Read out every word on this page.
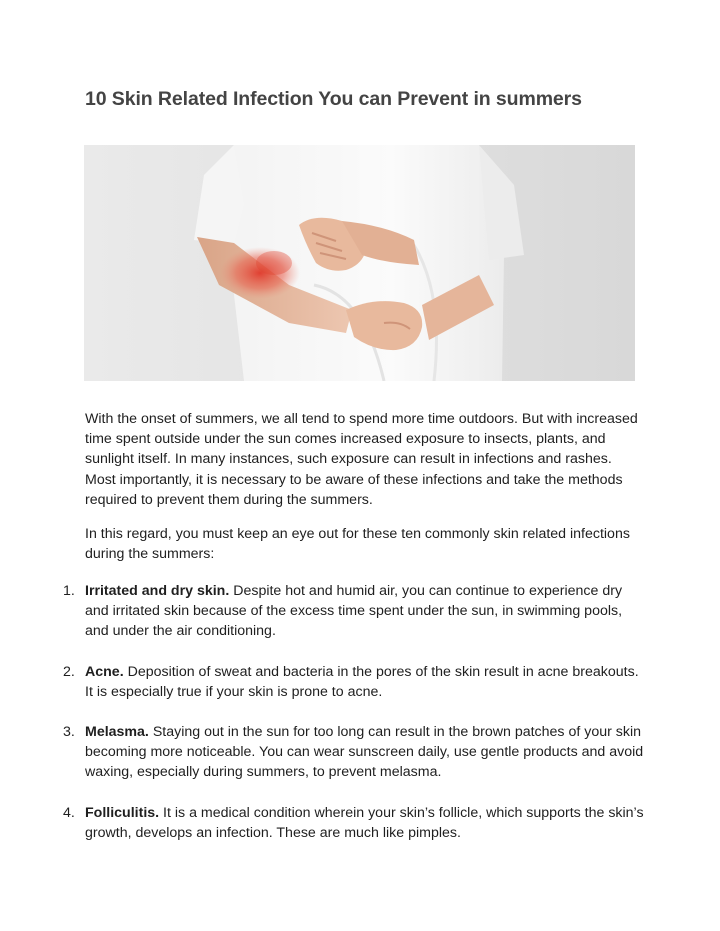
10 Skin Related Infection You can Prevent in summers

With the onset of summers, we all tend to spend more time outdoors. But with increased time spent outside under the sun comes increased exposure to insects, plants, and sunlight itself. In many instances, such exposure can result in infections and rashes. Most importantly, it is necessary to be aware of these infections and take the methods required to prevent them during the summers.

In this regard, you must keep an eye out for these ten commonly skin related infections during the summers:

1. Irritated and dry skin. Despite hot and humid air, you can continue to experience dry and irritated skin because of the excess time spent under the sun, in swimming pools, and under the air conditioning.
2. Acne. Deposition of sweat and bacteria in the pores of the skin result in acne breakouts. It is especially true if your skin is prone to acne.
3. Melasma. Staying out in the sun for too long can result in the brown patches of your skin becoming more noticeable. You can wear sunscreen daily, use gentle products and avoid waxing, especially during summers, to prevent melasma.
4. Folliculitis. It is a medical condition wherein your skin’s follicle, which supports the skin’s growth, develops an infection. These are much like pimples.
